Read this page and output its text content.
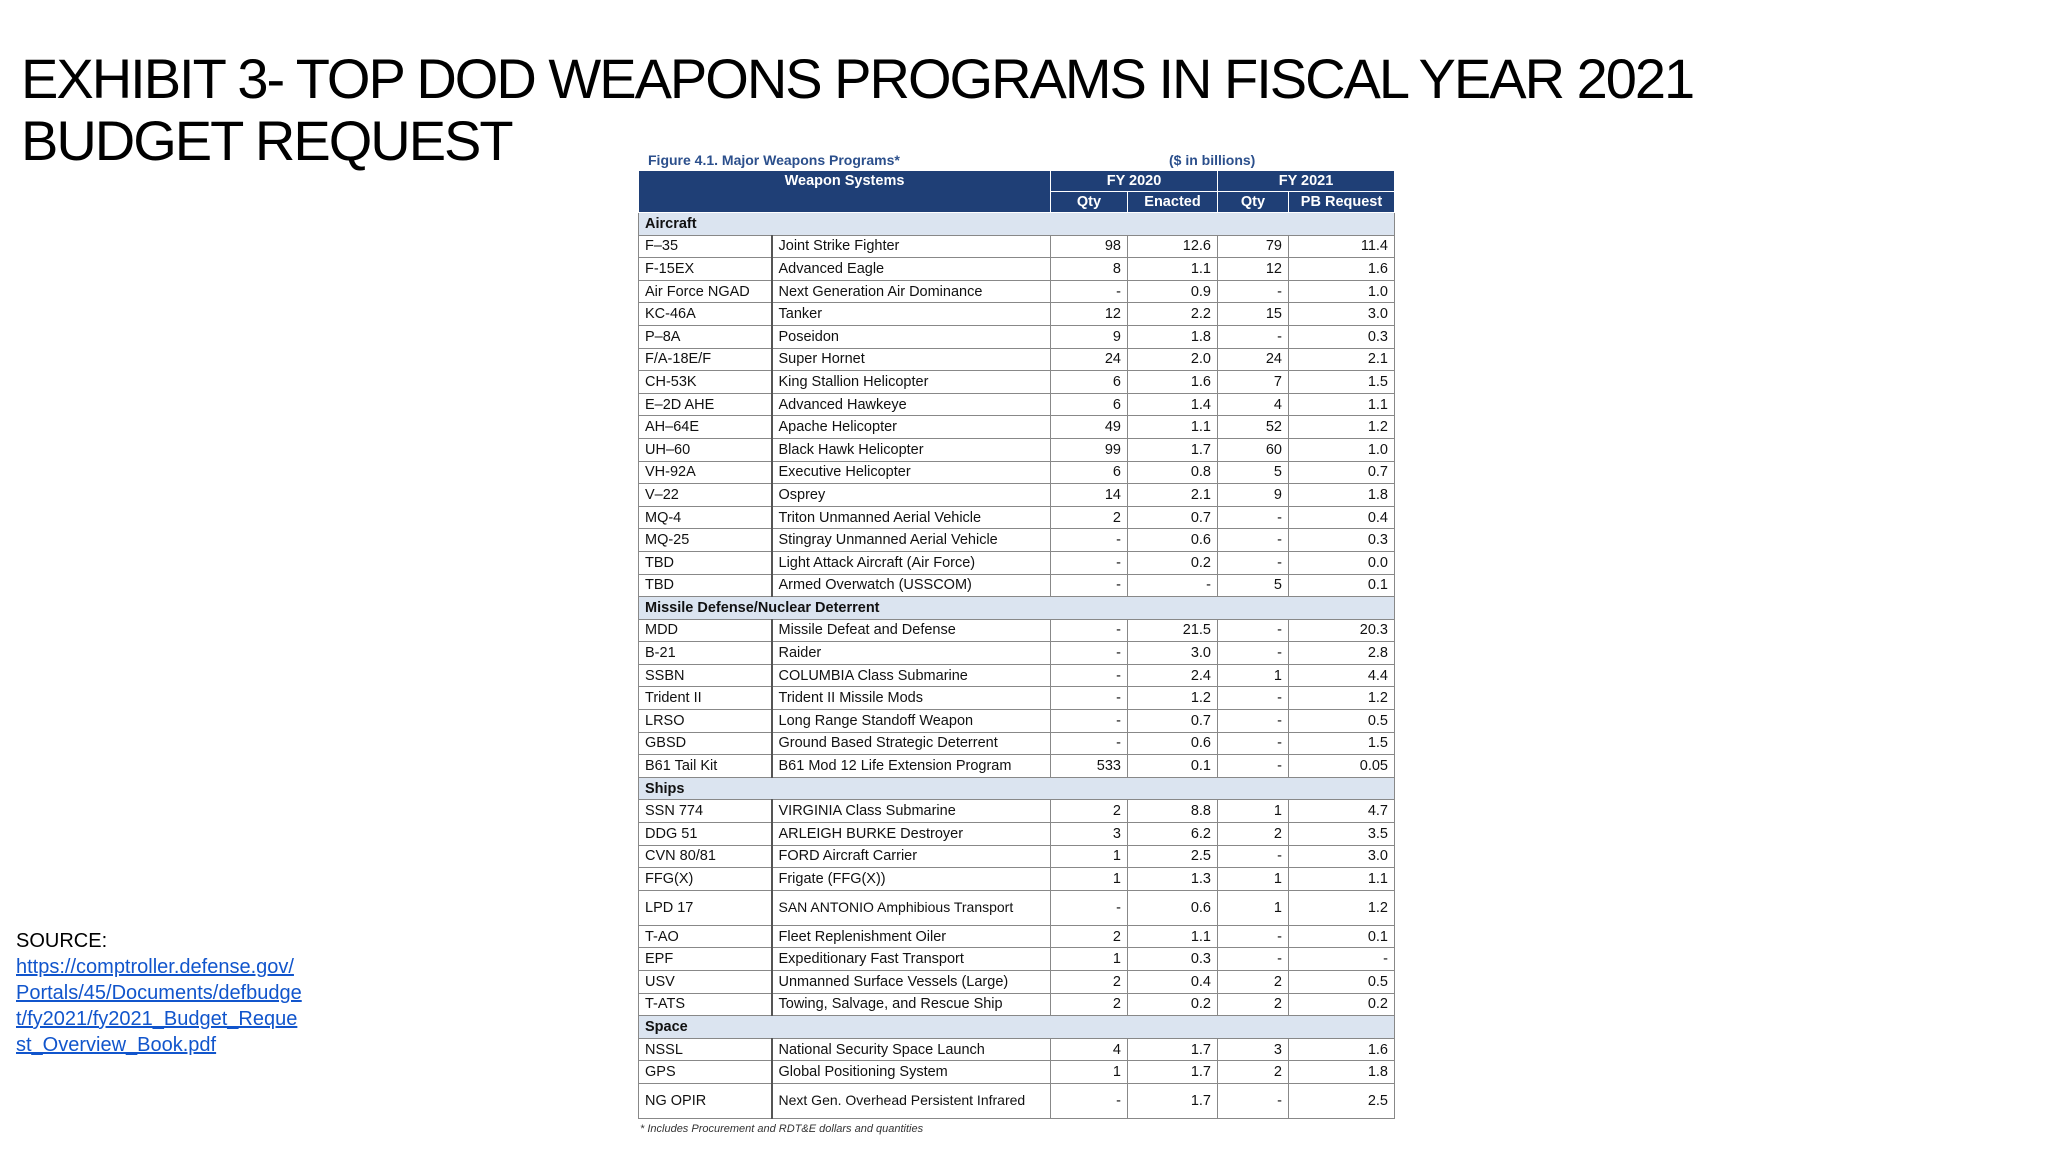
EXHIBIT 3- TOP DOD WEAPONS PROGRAMS IN FISCAL YEAR 2021
BUDGET REQUEST
SOURCE:
https://comptroller.defense.gov/Portals/45/Documents/defbudget/fy2021/fy2021_Budget_Request_Overview_Book.pdf
Figure 4.1. Major Weapons Programs*	($ in billions)
Weapon Systems		FY 2020		FY 2021	
		Qty	Enacted	Qty	PB Request
Aircraft					
F–35	Joint Strike Fighter	98	12.6	79	11.4
F-15EX	Advanced Eagle	8	1.1	12	1.6
Air Force NGAD	Next Generation Air Dominance	-	0.9	-	1.0
KC-46A	Tanker	12	2.2	15	3.0
P–8A	Poseidon	9	1.8	-	0.3
F/A-18E/F	Super Hornet	24	2.0	24	2.1
CH-53K	King Stallion Helicopter	6	1.6	7	1.5
E–2D AHE	Advanced Hawkeye	6	1.4	4	1.1
AH–64E	Apache Helicopter	49	1.1	52	1.2
UH–60	Black Hawk Helicopter	99	1.7	60	1.0
VH-92A	Executive Helicopter	6	0.8	5	0.7
V–22	Osprey	14	2.1	9	1.8
MQ-4	Triton Unmanned Aerial Vehicle	2	0.7	-	0.4
MQ-25	Stingray Unmanned Aerial Vehicle	-	0.6	-	0.3
TBD	Light Attack Aircraft (Air Force)	-	0.2	-	0.0
TBD	Armed Overwatch (USSCOM)	-	-	5	0.1
Missile Defense/Nuclear Deterrent					
MDD	Missile Defeat and Defense	-	21.5	-	20.3
B-21	Raider	-	3.0	-	2.8
SSBN	COLUMBIA Class Submarine	-	2.4	1	4.4
Trident II	Trident II Missile Mods	-	1.2	-	1.2
LRSO	Long Range Standoff Weapon	-	0.7	-	0.5
GBSD	Ground Based Strategic Deterrent	-	0.6	-	1.5
B61 Tail Kit	B61 Mod 12 Life Extension Program	533	0.1	-	0.05
Ships					
SSN 774	VIRGINIA Class Submarine	2	8.8	1	4.7
DDG 51	ARLEIGH BURKE Destroyer	3	6.2	2	3.5
CVN 80/81	FORD Aircraft Carrier	1	2.5	-	3.0
FFG(X)	Frigate (FFG(X))	1	1.3	1	1.1
LPD 17	SAN ANTONIO Amphibious Transport	-	0.6	1	1.2
T-AO	Fleet Replenishment Oiler	2	1.1	-	0.1
EPF	Expeditionary Fast Transport	1	0.3	-	-
USV	Unmanned Surface Vessels (Large)	2	0.4	2	0.5
T-ATS	Towing, Salvage, and Rescue Ship	2	0.2	2	0.2
Space					
NSSL	National Security Space Launch	4	1.7	3	1.6
GPS	Global Positioning System	1	1.7	2	1.8
NG OPIR	Next Gen. Overhead Persistent Infrared	-	1.7	-	2.5
* Includes Procurement and RDT&E dollars and quantities
